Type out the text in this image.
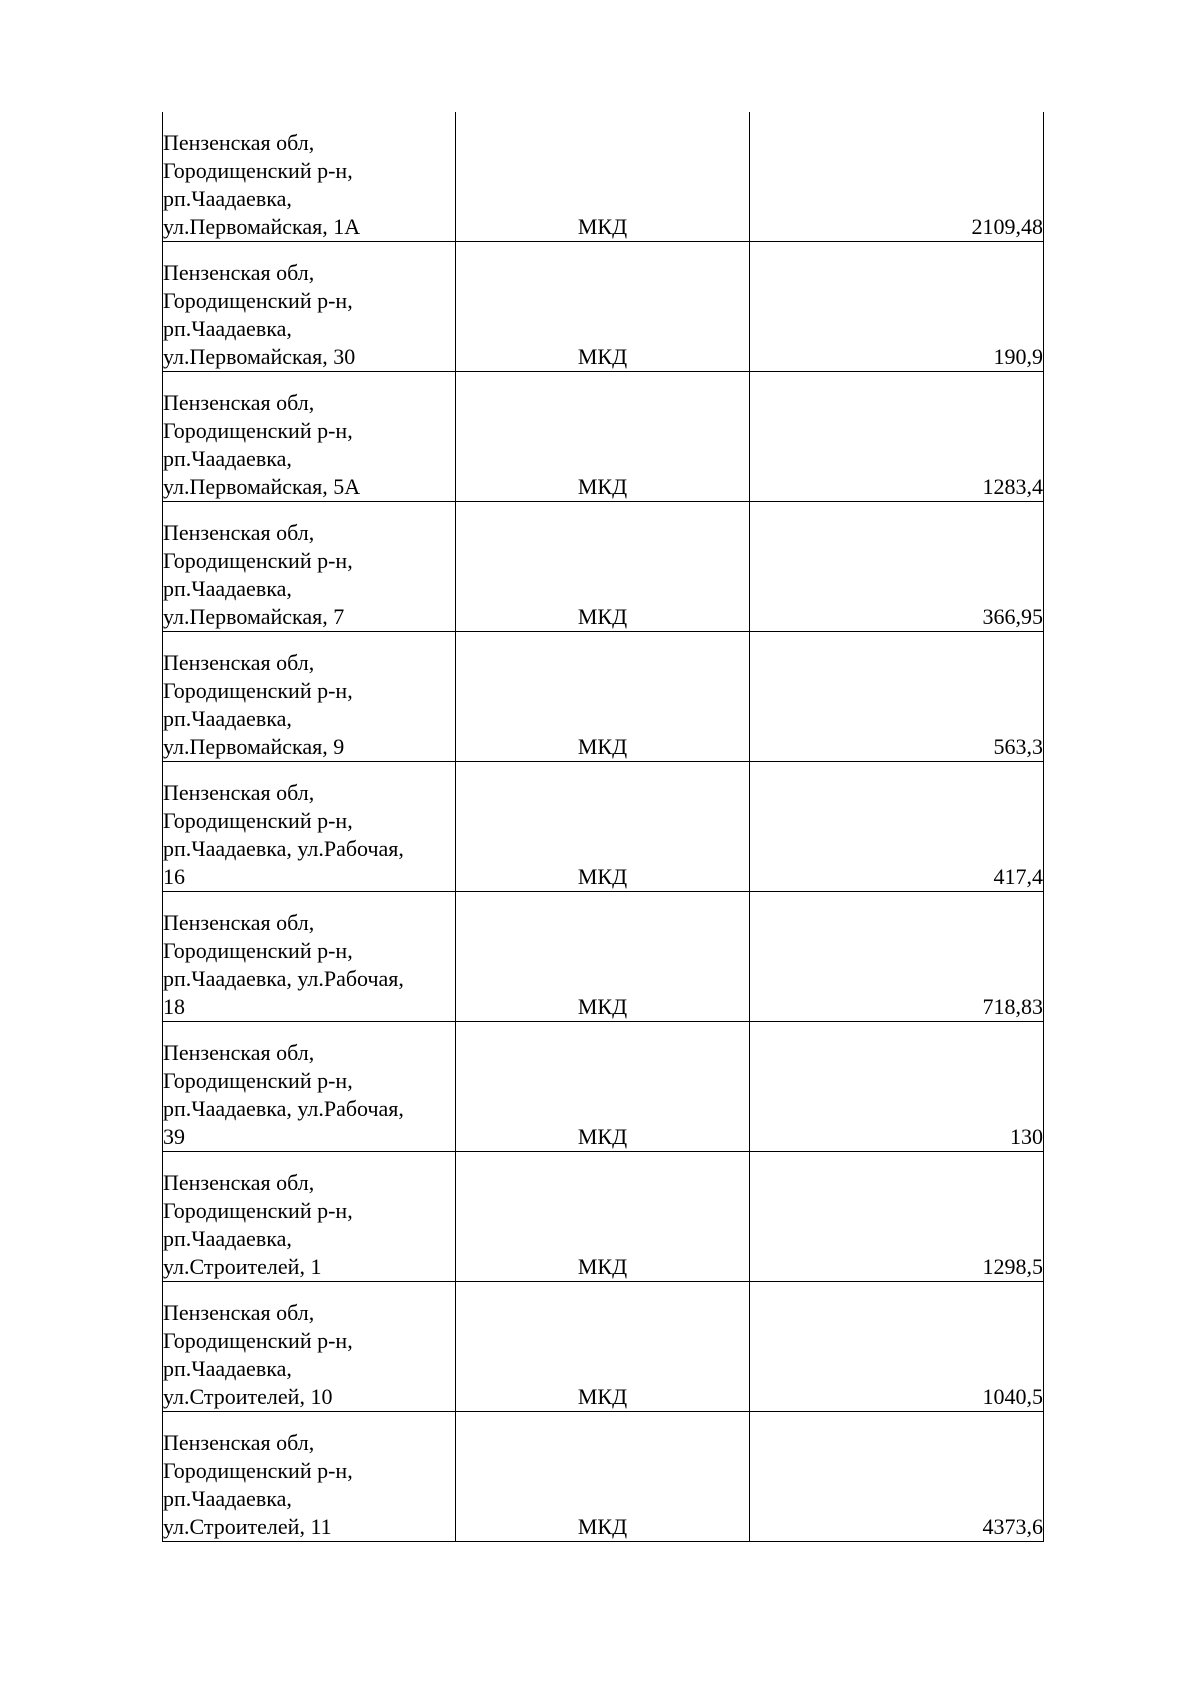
Пензенская обл,
Городищенский р-н,
рп.Чаадаевка,
ул.Первомайская, 1А	МКД	2109,48

Пензенская обл,
Городищенский р-н,
рп.Чаадаевка,
ул.Первомайская, 30	МКД	190,9

Пензенская обл,
Городищенский р-н,
рп.Чаадаевка,
ул.Первомайская, 5А	МКД	1283,4

Пензенская обл,
Городищенский р-н,
рп.Чаадаевка,
ул.Первомайская, 7	МКД	366,95

Пензенская обл,
Городищенский р-н,
рп.Чаадаевка,
ул.Первомайская, 9	МКД	563,3

Пензенская обл,
Городищенский р-н,
рп.Чаадаевка, ул.Рабочая,
16	МКД	417,4

Пензенская обл,
Городищенский р-н,
рп.Чаадаевка, ул.Рабочая,
18	МКД	718,83

Пензенская обл,
Городищенский р-н,
рп.Чаадаевка, ул.Рабочая,
39	МКД	130

Пензенская обл,
Городищенский р-н,
рп.Чаадаевка,
ул.Строителей, 1	МКД	1298,5

Пензенская обл,
Городищенский р-н,
рп.Чаадаевка,
ул.Строителей, 10	МКД	1040,5

Пензенская обл,
Городищенский р-н,
рп.Чаадаевка,
ул.Строителей, 11	МКД	4373,6
